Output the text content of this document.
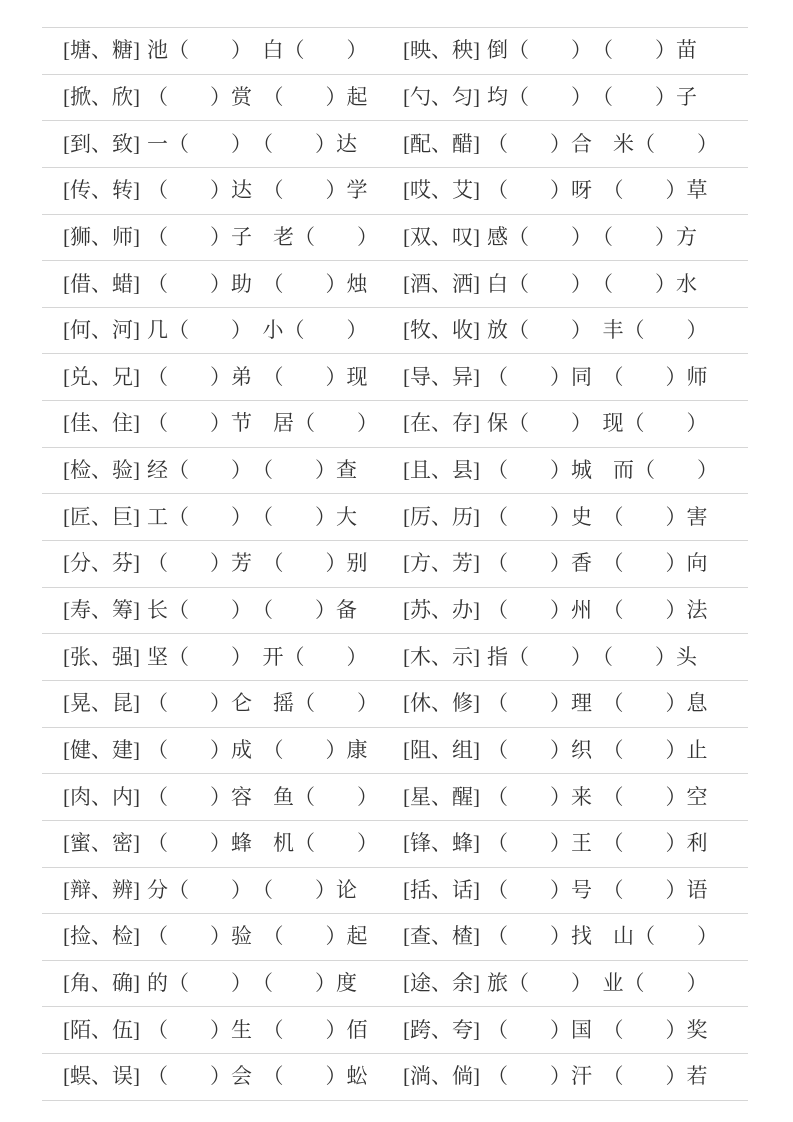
[塘、糖] 池（　　）　白（　　） [映、秧] 倒（　　）　（　　）苗
[掀、欣] （　　）赏　（　　）起 [勺、匀] 均（　　）　（　　）子
[到、致] 一（　　）　（　　）达 [配、醋] （　　）合　米（　　）
[传、转] （　　）达　（　　）学 [哎、艾] （　　）呀　（　　）草
[狮、师] （　　）子　老（　　） [双、叹] 感（　　）　（　　）方
[借、蜡] （　　）助　（　　）烛 [酒、洒] 白（　　）　（　　）水
[何、河] 几（　　）　小（　　） [牧、收] 放（　　）　丰（　　）
[兑、兄] （　　）弟　（　　）现 [导、异] （　　）同　（　　）师
[佳、住] （　　）节　居（　　） [在、存] 保（　　）　现（　　）
[检、验] 经（　　）　（　　）查 [且、县] （　　）城　而（　　）
[匠、巨] 工（　　）　（　　）大 [厉、历] （　　）史　（　　）害
[分、芬] （　　）芳　（　　）别 [方、芳] （　　）香　（　　）向
[寿、筹] 长（　　）　（　　）备 [苏、办] （　　）州　（　　）法
[张、强] 坚（　　）　开（　　） [木、示] 指（　　）　（　　）头
[晃、昆] （　　）仑　摇（　　） [休、修] （　　）理　（　　）息
[健、建] （　　）成　（　　）康 [阻、组] （　　）织　（　　）止
[肉、内] （　　）容　鱼（　　） [星、醒] （　　）来　（　　）空
[蜜、密] （　　）蜂　机（　　） [锋、蜂] （　　）王　（　　）利
[辩、辨] 分（　　）　（　　）论 [括、话] （　　）号　（　　）语
[捡、检] （　　）验　（　　）起 [查、楂] （　　）找　山（　　）
[角、确] 的（　　）　（　　）度 [途、余] 旅（　　）　业（　　）
[陌、伍] （　　）生　（　　）佰 [跨、夸] （　　）国　（　　）奖
[蜈、误] （　　）会　（　　）蚣 [淌、倘] （　　）汗　（　　）若
